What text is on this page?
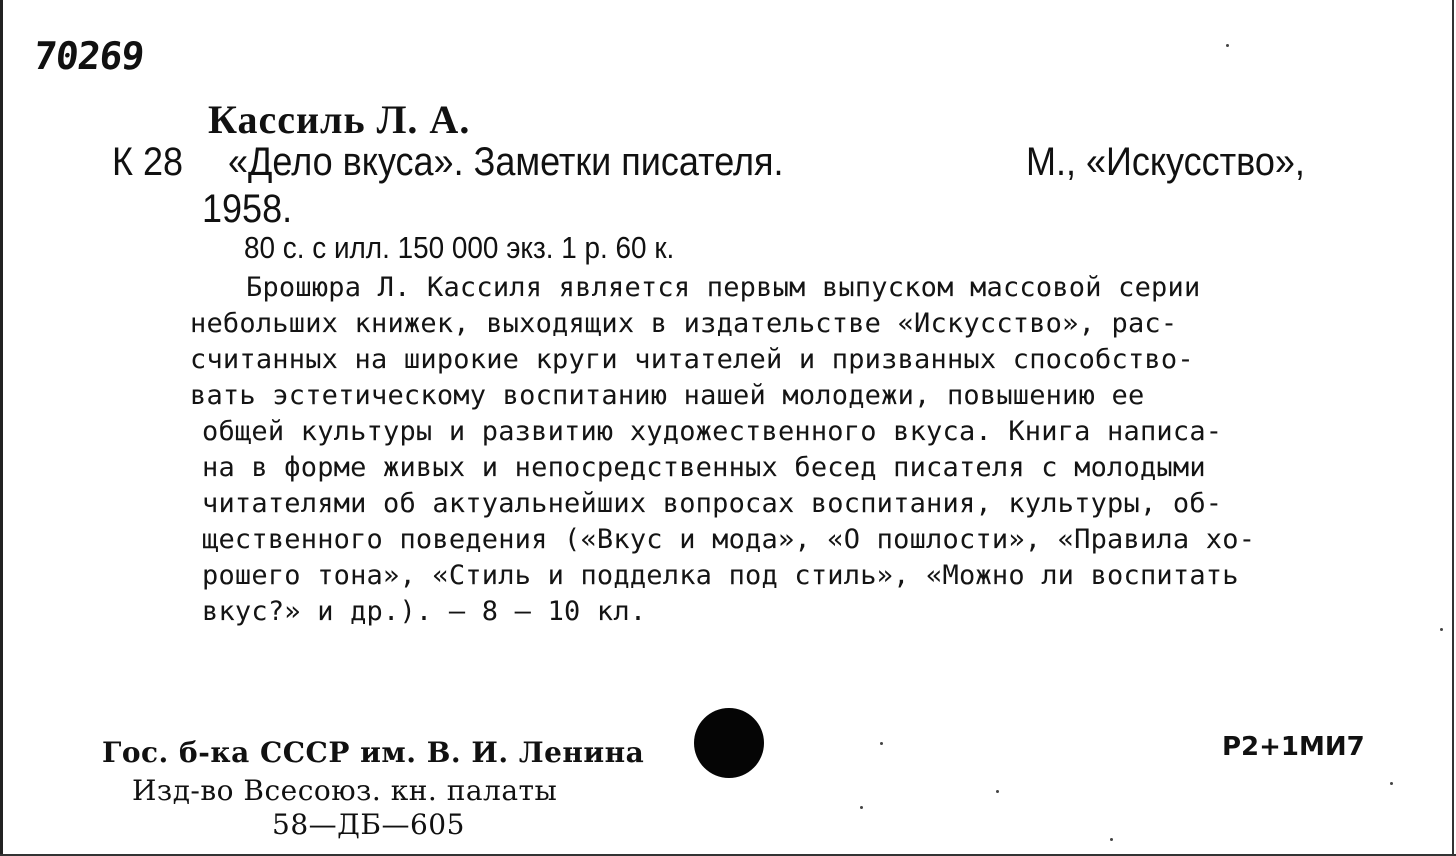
70269
Кассиль Л. А.
К 28 «Дело вкуса». Заметки писателя.	М., «Искусство»,
1958.
80 с. с илл. 150 000 экз. 1 р. 60 к.
Брошюра Л. Кассиля является первым выпуском массовой серии
небольших книжек, выходящих в издательстве «Искусство», рас-
считанных на широкие круги читателей и призванных способство-
вать эстетическому воспитанию нашей молодежи, повышению ее
общей культуры и развитию художественного вкуса. Книга написа-
на в форме живых и непосредственных бесед писателя с молодыми
читателями об актуальнейших вопросах воспитания, культуры, об-
щественного поведения («Вкус и мода», «О пошлости», «Правила хо-
рошего тона», «Стиль и подделка под стиль», «Можно ли воспитать
вкус?» и др.). — 8 — 10 кл.
Гос. б-ка СССР им. В. И. Ленина
Изд-во Всесоюз. кн. палаты
58—ДБ—605
Р2+1МИ7
